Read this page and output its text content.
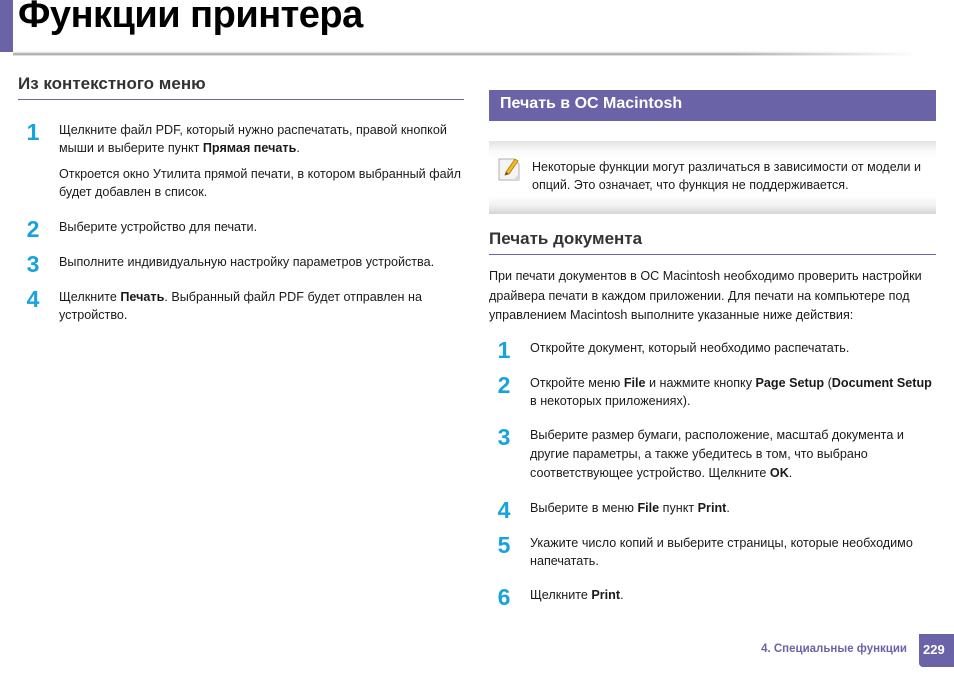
Функции принтера
Из контекстного меню
1	Щелкните файл PDF, который нужно распечатать, правой кнопкой мыши и выберите пункт Прямая печать.

Откроется окно Утилита прямой печати, в котором выбранный файл будет добавлен в список.

2	Выберите устройство для печати.

3	Выполните индивидуальную настройку параметров устройства.

4	Щелкните Печать. Выбранный файл PDF будет отправлен на устройство.

Печать в ОС Macintosh
Некоторые функции могут различаться в зависимости от модели и опций. Это означает, что функция не поддерживается.
Печать документа

При печати документов в ОС Macintosh необходимо проверить настройки драйвера печати в каждом приложении. Для печати на компьютере под управлением Macintosh выполните указанные ниже действия:

1	Откройте документ, который необходимо распечатать.

2	Откройте меню File и нажмите кнопку Page Setup (Document Setup в некоторых приложениях).

3	Выберите размер бумаги, расположение, масштаб документа и другие параметры, а также убедитесь в том, что выбрано соответствующее устройство. Щелкните OK.

4	Выберите в меню File пункт Print.

5	Укажите число копий и выберите страницы, которые необходимо напечатать.

6	Щелкните Print.

4. Специальные функции	229
